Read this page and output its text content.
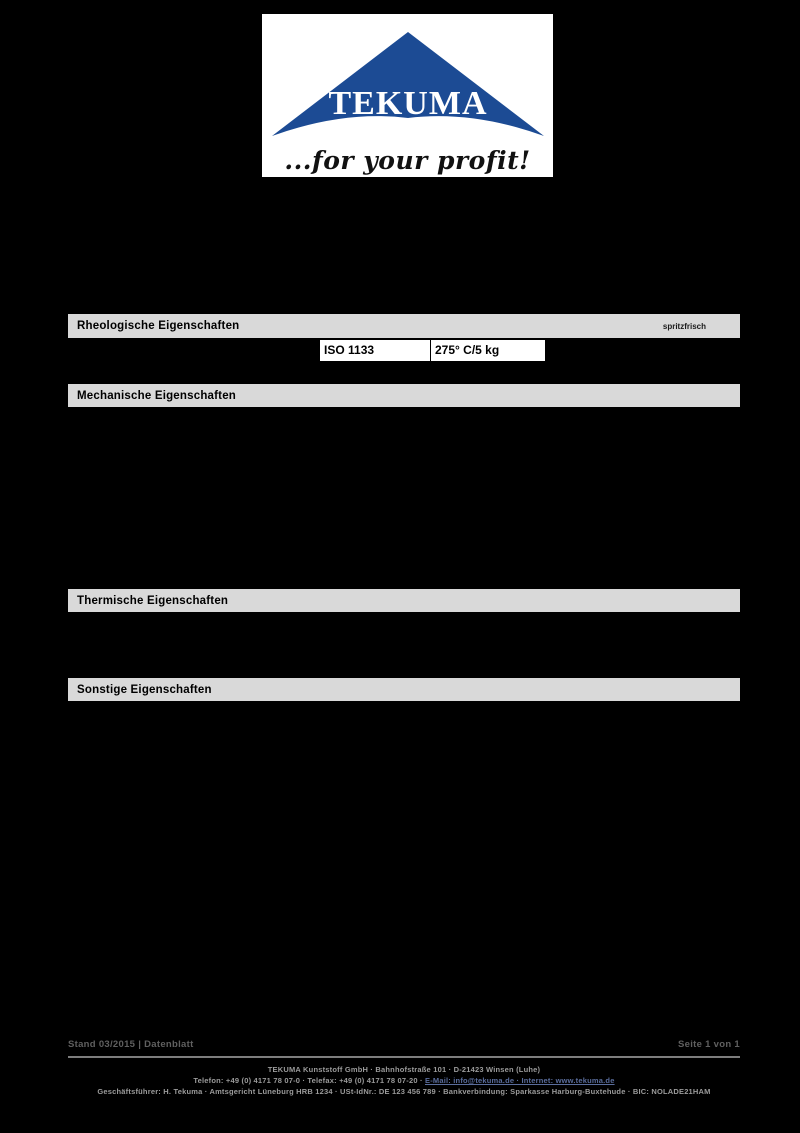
TEKUMA
...for your profit!
Rheologische Eigenschaften	spritzfrisch
Mechanische Eigenschaften
Thermische Eigenschaften
Sonstige Eigenschaften
ISO 1133	275° C/5 kg
Stand 03/2015 | Datenblatt	Seite 1 von 1
TEKUMA Kunststoff GmbH · Bahnhofstraße 101 · D-21423 Winsen (Luhe)
Telefon: +49 (0) 4171 78 07-0 · Telefax: +49 (0) 4171 78 07-20 · E-Mail: info@tekuma.de · Internet: www.tekuma.de
Geschäftsführer: H. Tekuma · Amtsgericht Lüneburg HRB 1234 · USt-IdNr.: DE 123 456 789 · Bankverbindung: Sparkasse Harburg-Buxtehude · BIC: NOLADE21HAM
